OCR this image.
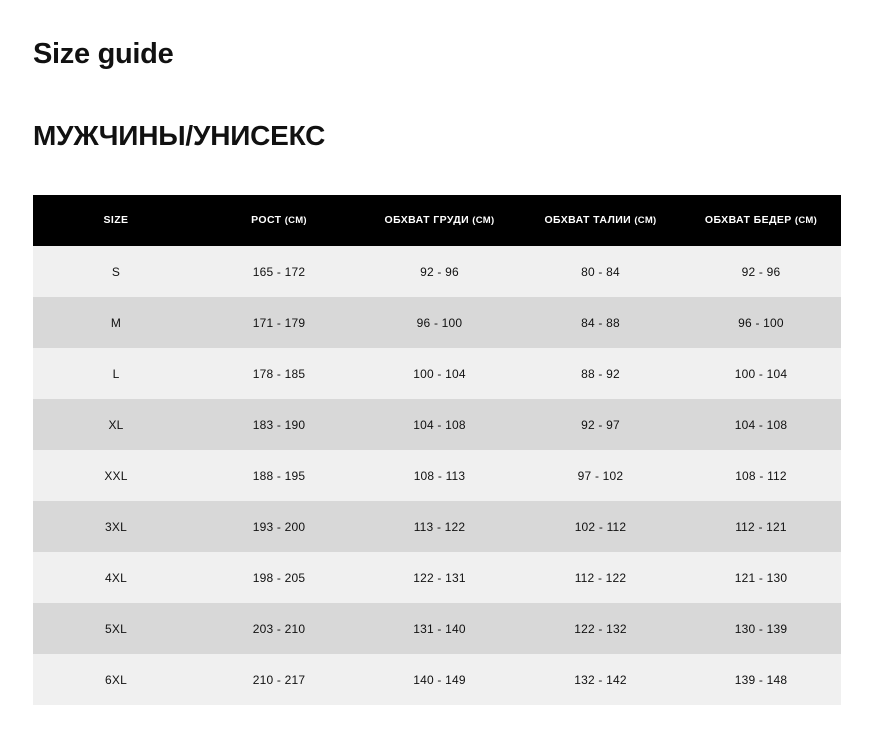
Size guide
МУЖЧИНЫ/УНИСЕКС
SIZE	РОСТ (СМ)	ОБХВАТ ГРУДИ (СМ)	ОБХВАТ ТАЛИИ (СМ)	ОБХВАТ БЕДЕР (СМ)

S	165 - 172	92 - 96	80 - 84	92 - 96
M	171 - 179	96 - 100	84 - 88	96 - 100
L	178 - 185	100 - 104	88 - 92	100 - 104
XL	183 - 190	104 - 108	92 - 97	104 - 108
XXL	188 - 195	108 - 113	97 - 102	108 - 112
3XL	193 - 200	113 - 122	102 - 112	112 - 121
4XL	198 - 205	122 - 131	112 - 122	121 - 130
5XL	203 - 210	131 - 140	122 - 132	130 - 139
6XL	210 - 217	140 - 149	132 - 142	139 - 148
